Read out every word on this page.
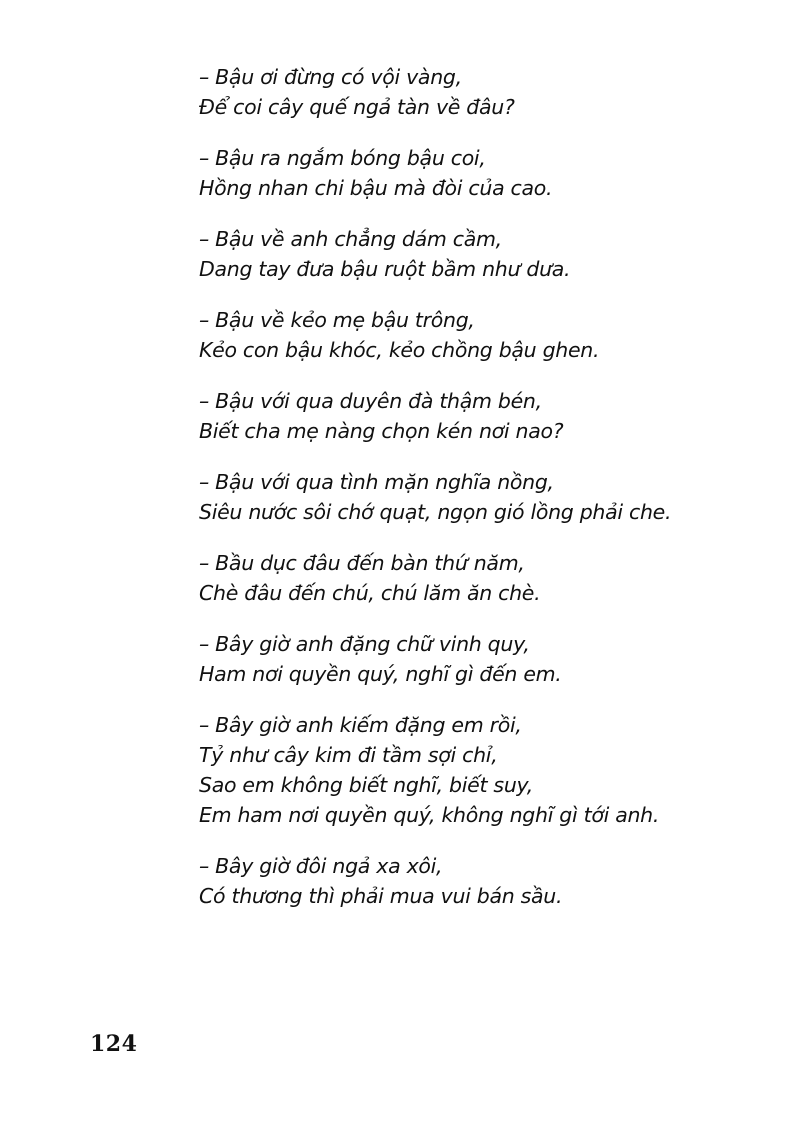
– Bậu ơi đừng có vội vàng,
Để coi cây quế ngả tàn về đâu?
– Bậu ra ngắm bóng bậu coi,
Hồng nhan chi bậu mà đòi của cao.
– Bậu về anh chẳng dám cầm,
Dang tay đưa bậu ruột bầm như dưa.
– Bậu về kẻo mẹ bậu trông,
Kẻo con bậu khóc, kẻo chồng bậu ghen.
– Bậu với qua duyên đà thậm bén,
Biết cha mẹ nàng chọn kén nơi nao?
– Bậu với qua tình mặn nghĩa nồng,
Siêu nước sôi chớ quạt, ngọn gió lồng phải che.
– Bầu dục đâu đến bàn thứ năm,
Chè đâu đến chú, chú lăm ăn chè.
– Bây giờ anh đặng chữ vinh quy,
Ham nơi quyền quý, nghĩ gì đến em.
– Bây giờ anh kiếm đặng em rồi,
Tỷ như cây kim đi tầm sợi chỉ,
Sao em không biết nghĩ, biết suy,
Em ham nơi quyền quý, không nghĩ gì tới anh.
– Bây giờ đôi ngả xa xôi,
Có thương thì phải mua vui bán sầu.
124
